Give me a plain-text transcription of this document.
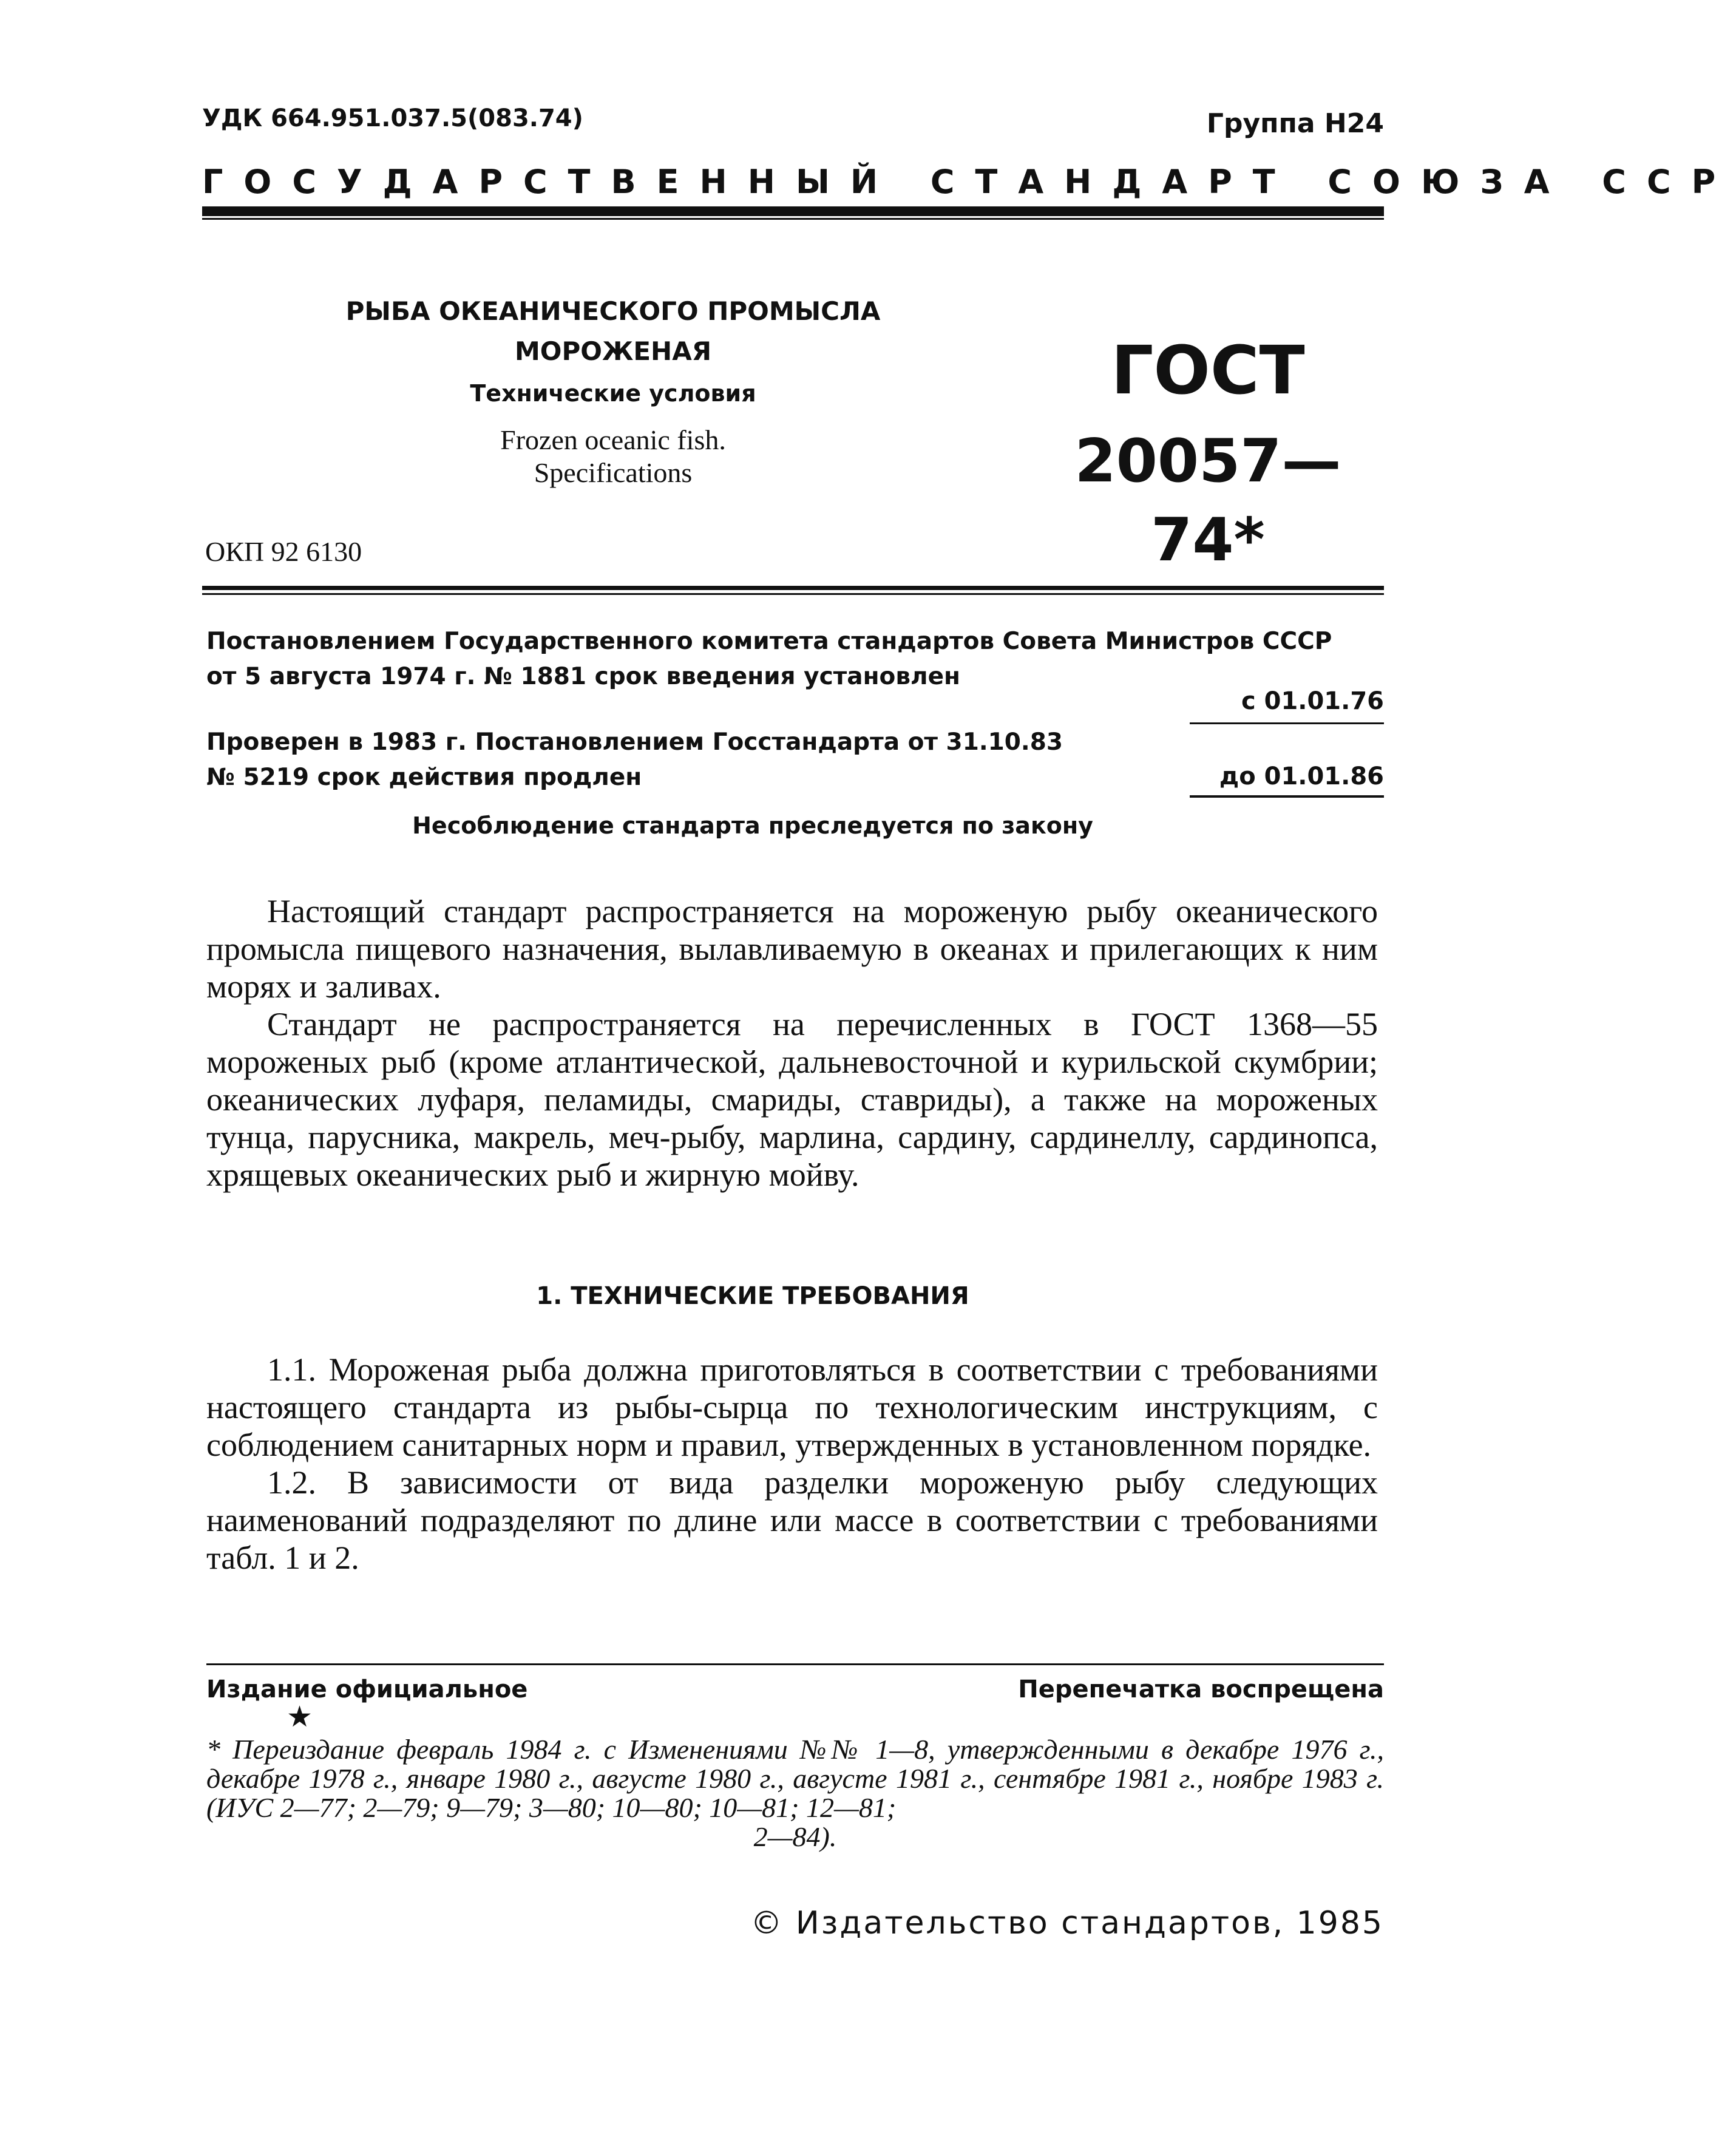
УДК 664.951.037.5(083.74)	Группа Н24
ГОСУДАРСТВЕННЫЙ СТАНДАРТ СОЮЗА ССР
РЫБА ОКЕАНИЧЕСКОГО ПРОМЫСЛА
МОРОЖЕНАЯ
Технические условия
Frozen oceanic fish.
Specifications
ГОСТ
20057—74*
ОКП 92 6130
Постановлением Государственного комитета стандартов Совета Министров СССР
от 5 августа 1974 г. № 1881 срок введения установлен
с 01.01.76
Проверен в 1983 г. Постановлением Госстандарта от 31.10.83
№ 5219 срок действия продлен	до 01.01.86
Несоблюдение стандарта преследуется по закону

Настоящий стандарт распространяется на мороженую рыбу океанического промысла пищевого назначения, вылавливаемую в океанах и прилегающих к ним морях и заливах.

Стандарт не распространяется на перечисленных в ГОСТ 1368—55 мороженых рыб (кроме атлантической, дальневосточной и курильской скумбрии; океанических луфаря, пеламиды, смариды, ставриды), а также на мороженых тунца, парусника, макрель, меч-рыбу, марлина, сардину, сардинеллу, сардинопса, хрящевых океанических рыб и жирную мойву.

1. ТЕХНИЧЕСКИЕ ТРЕБОВАНИЯ

1.1. Мороженая рыба должна приготовляться в соответствии с требованиями настоящего стандарта из рыбы-сырца по технологическим инструкциям, с соблюдением санитарных норм и правил, утвержденных в установленном порядке.

1.2. В зависимости от вида разделки мороженую рыбу следующих наименований подразделяют по длине или массе в соответствии с требованиями табл. 1 и 2.

Издание официальное	Перепечатка воспрещена
★
* Переиздание февраль 1984 г. с Изменениями №№ 1—8, утвержденными в декабре 1976 г., декабре 1978 г., январе 1980 г., августе 1980 г., августе 1981 г., сентябре 1981 г., ноябре 1983 г. (ИУС 2—77; 2—79; 9—79; 3—80; 10—80; 10—81; 12—81;
2—84).
© Издательство стандартов, 1985
